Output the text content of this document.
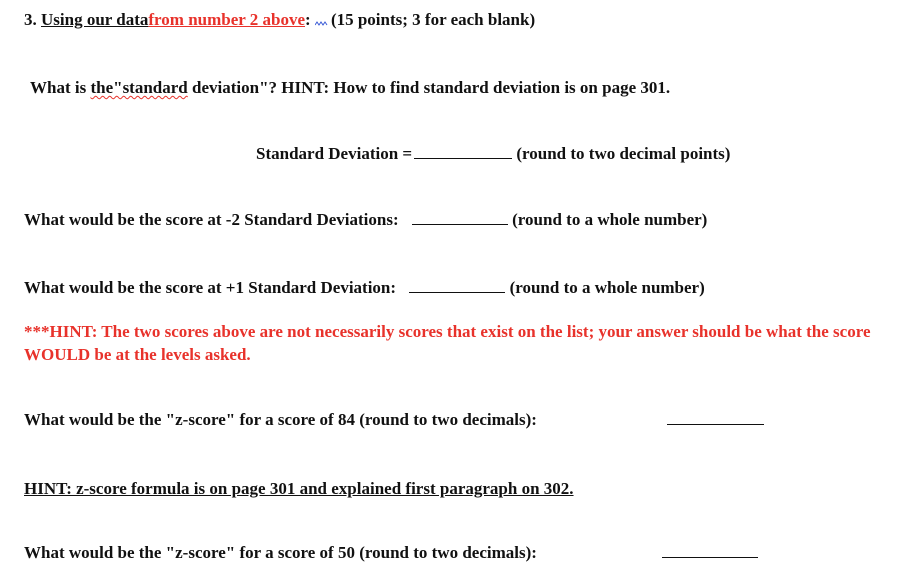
3. Using our datafrom number 2 above: (15 points; 3 for each blank)
What is the"standard deviation"? HINT: How to find standard deviation is on page 301.
Standard Deviation =	(round to two decimal points)
What would be the score at -2 Standard Deviations:	(round to a whole number)
What would be the score at +1 Standard Deviation:	(round to a whole number)
***HINT: The two scores above are not necessarily scores that exist on the list; your answer should be what the score WOULD be at the levels asked.
What would be the "z-score" for a score of 84 (round to two decimals):
HINT: z-score formula is on page 301 and explained first paragraph on 302.
What would be the "z-score" for a score of 50 (round to two decimals):
